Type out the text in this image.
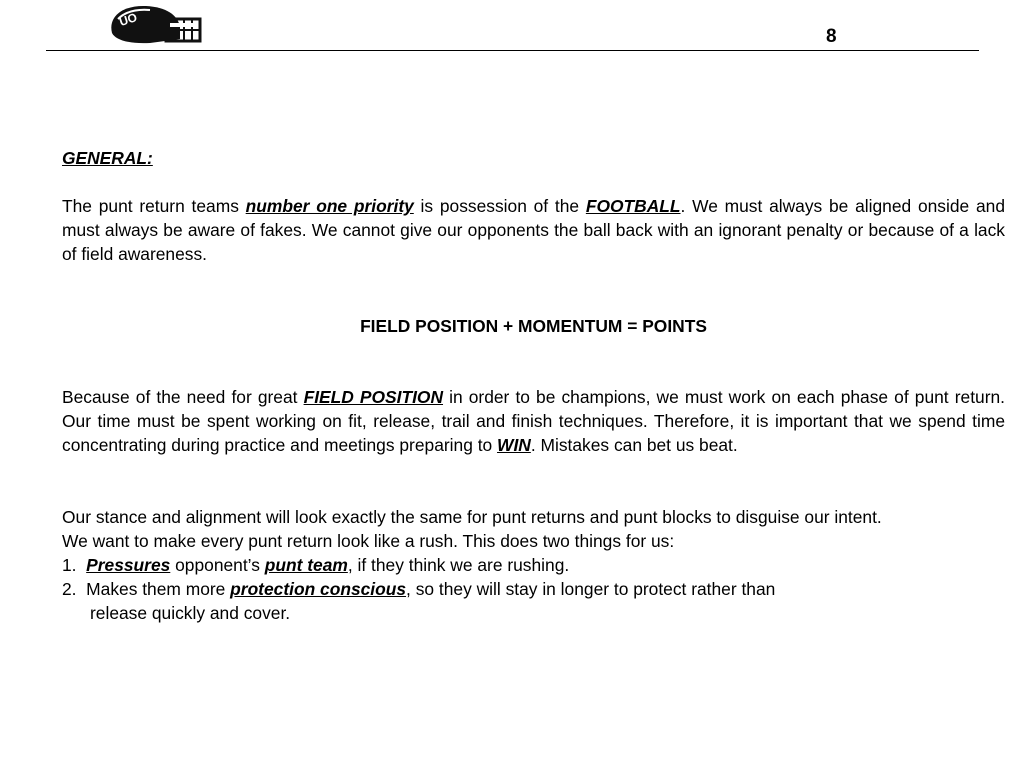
UO
8

GENERAL:

The punt return teams number one priority is possession of the FOOTBALL. We must always be aligned onside and must always be aware of fakes. We cannot give our opponents the ball back with an ignorant penalty or because of a lack of field awareness.

FIELD POSITION + MOMENTUM = POINTS

Because of the need for great FIELD POSITION in order to be champions, we must work on each phase of punt return. Our time must be spent working on fit, release, trail and finish techniques. Therefore, it is important that we spend time concentrating during practice and meetings preparing to WIN. Mistakes can bet us beat.

Our stance and alignment will look exactly the same for punt returns and punt blocks to disguise our intent.

We want to make every punt return look like a rush. This does two things for us:

1.  Pressures opponent’s punt team, if they think we are rushing.

2.  Makes them more protection conscious, so they will stay in longer to protect rather than

release quickly and cover.
